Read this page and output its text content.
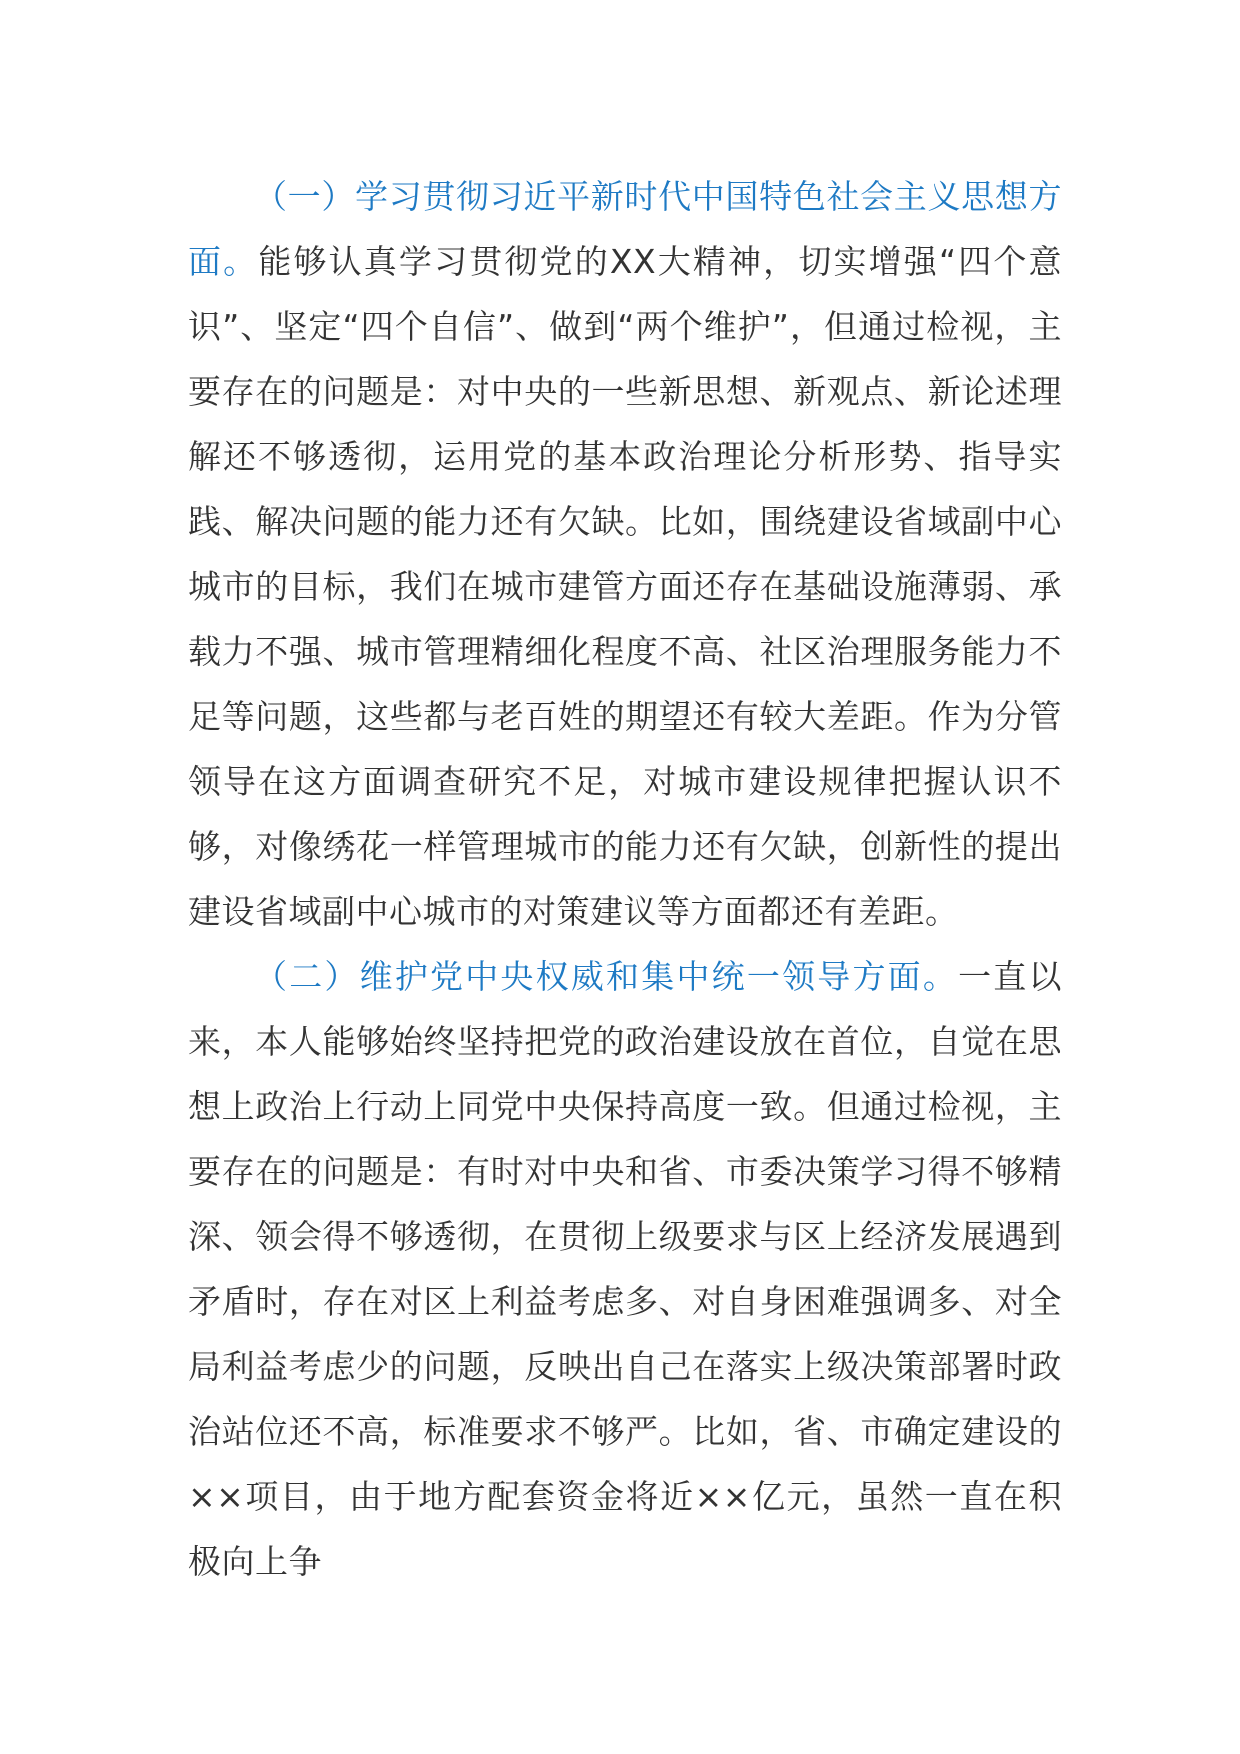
（一）学习贯彻习近平新时代中国特色社会主义思想方面。能够认真学习贯彻党的XX大精神，切实增强“四个意识”、坚定“四个自信”、做到“两个维护”，但通过检视，主要存在的问题是：对中央的一些新思想、新观点、新论述理解还不够透彻，运用党的基本政治理论分析形势、指导实践、解决问题的能力还有欠缺。比如，围绕建设省域副中心城市的目标，我们在城市建管方面还存在基础设施薄弱、承载力不强、城市管理精细化程度不高、社区治理服务能力不足等问题，这些都与老百姓的期望还有较大差距。作为分管领导在这方面调查研究不足，对城市建设规律把握认识不够，对像绣花一样管理城市的能力还有欠缺，创新性的提出建设省域副中心城市的对策建议等方面都还有差距。

（二）维护党中央权威和集中统一领导方面。一直以来，本人能够始终坚持把党的政治建设放在首位，自觉在思想上政治上行动上同党中央保持高度一致。但通过检视，主要存在的问题是：有时对中央和省、市委决策学习得不够精深、领会得不够透彻，在贯彻上级要求与区上经济发展遇到矛盾时，存在对区上利益考虑多、对自身困难强调多、对全局利益考虑少的问题，反映出自己在落实上级决策部署时政治站位还不高，标准要求不够严。比如，省、市确定建设的××项目，由于地方配套资金将近××亿元，虽然一直在积极向上争
